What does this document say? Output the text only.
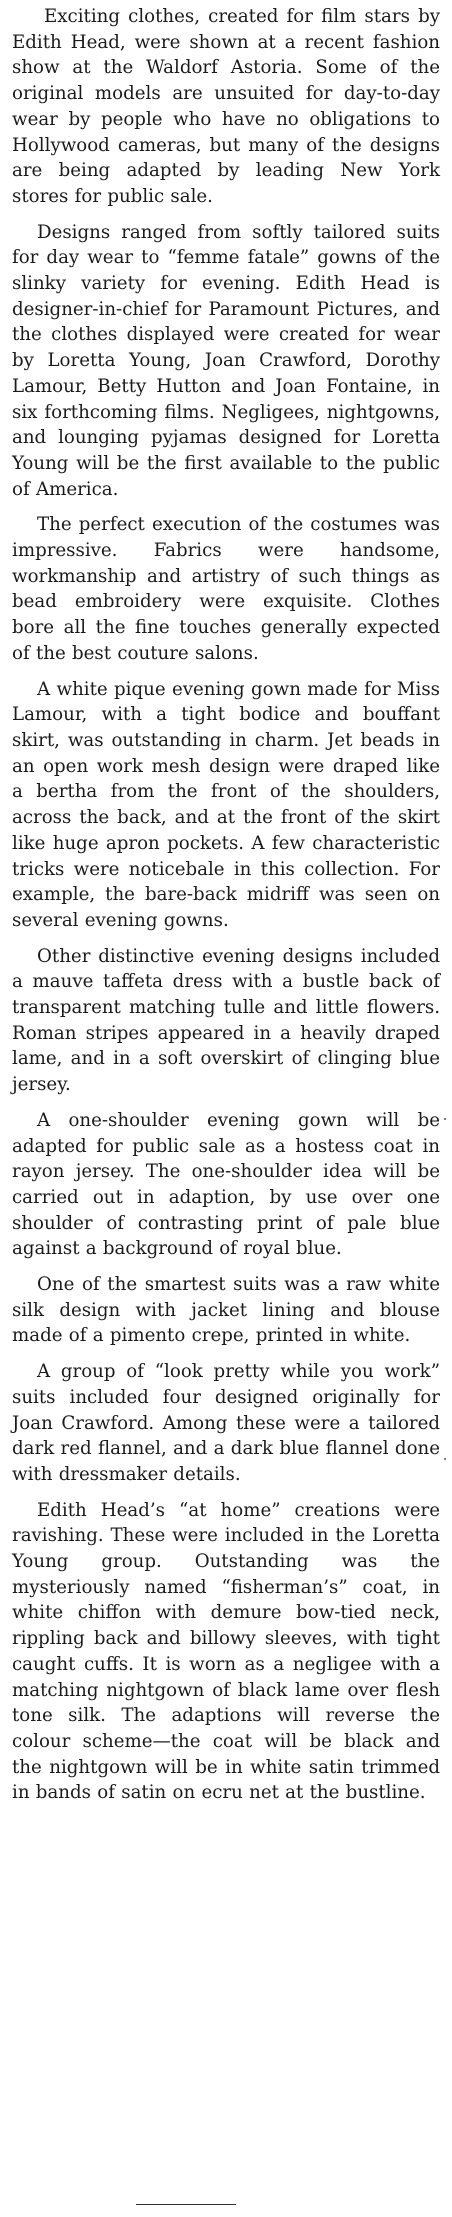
Exciting clothes, created for film stars by Edith Head, were shown at a recent fashion show at the Waldorf Astoria. Some of the original models are unsuited for day-to-day wear by people who have no obligations to Hollywood cameras, but many of the designs are being adapted by leading New York stores for public sale.

Designs ranged from softly tailored suits for day wear to “femme fatale” gowns of the slinky variety for evening. Edith Head is designer-in-chief for Paramount Pictures, and the clothes displayed were created for wear by Loretta Young, Joan Crawford, Dorothy Lamour, Betty Hutton and Joan Fontaine, in six forthcoming films. Negligees, nightgowns, and lounging pyjamas designed for Loretta Young will be the first available to the public of America.

The perfect execution of the costumes was impressive. Fabrics were handsome, workmanship and artistry of such things as bead embroidery were exquisite. Clothes bore all the fine touches generally expected of the best couture salons.

A white pique evening gown made for Miss Lamour, with a tight bodice and bouffant skirt, was outstanding in charm. Jet beads in an open work mesh design were draped like a bertha from the front of the shoulders, across the back, and at the front of the skirt like huge apron pockets. A few characteristic tricks were noticebale in this collection. For example, the bare-back midriff was seen on several evening gowns.

Other distinctive evening designs included a mauve taffeta dress with a bustle back of transparent matching tulle and little flowers. Roman stripes appeared in a heavily draped lame, and in a soft overskirt of clinging blue jersey.

A one-shoulder evening gown will be adapted for public sale as a hostess coat in rayon jersey. The one-shoulder idea will be carried out in adaption, by use over one shoulder of contrasting print of pale blue against a background of royal blue.

One of the smartest suits was a raw white silk design with jacket lining and blouse made of a pimento crepe, printed in white.

A group of “look pretty while you work” suits included four designed originally for Joan Crawford. Among these were a tailored dark red flannel, and a dark blue flannel done with dressmaker details.

Edith Head’s “at home” creations were ravishing. These were included in the Loretta Young group. Outstanding was the mysteriously named “fisherman’s” coat, in white chiffon with demure bow-tied neck, rippling back and billowy sleeves, with tight caught cuffs. It is worn as a negligee with a matching nightgown of black lame over flesh tone silk. The adaptions will reverse the colour scheme—the coat will be black and the nightgown will be in white satin trimmed in bands of satin on ecru net at the bustline.
